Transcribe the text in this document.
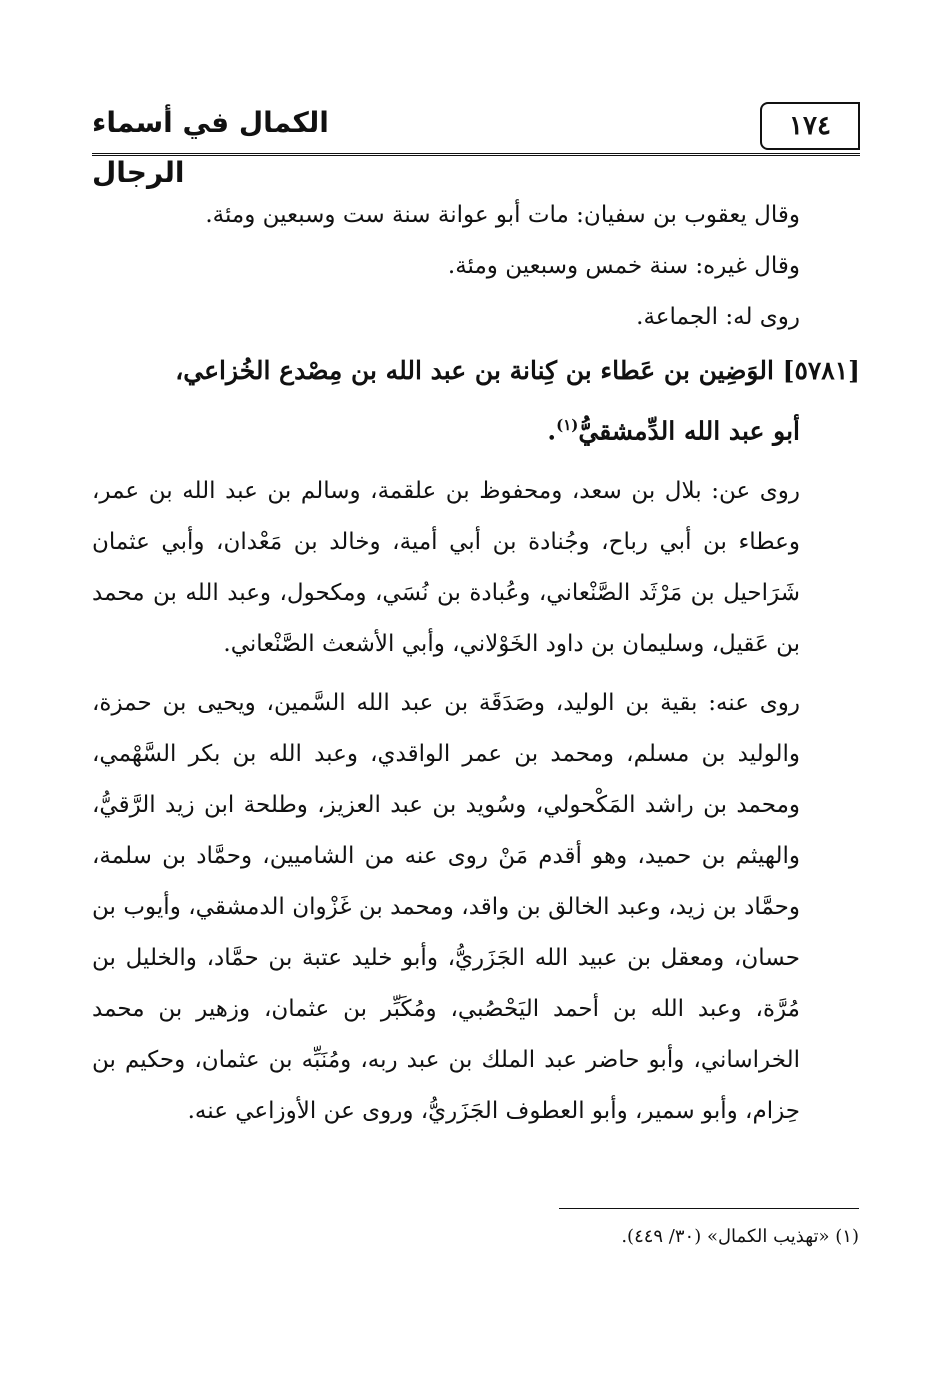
الكمال في أسماء الرجال
١٧٤

وقال يعقوب بن سفيان: مات أبو عوانة سنة ست وسبعين ومئة.

وقال غيره: سنة خمس وسبعين ومئة.

روى له: الجماعة.

[٥٧٨١] الوَضِين بن عَطاء بن كِنانة بن عبد الله بن مِصْدع الخُزاعي،
أبو عبد الله الدِّمشقيُّ$^{(١)}$.

روى عن: بلال بن سعد، ومحفوظ بن علقمة، وسالم بن عبد الله بن عمر، وعطاء بن أبي رباح، وجُنادة بن أبي أمية، وخالد بن مَعْدان، وأبي عثمان شَرَاحيل بن مَرْثَد الصَّنْعاني، وعُبادة بن نُسَي، ومكحول، وعبد الله بن محمد بن عَقيل، وسليمان بن داود الخَوْلاني، وأبي الأشعث الصَّنْعاني.

روى عنه: بقية بن الوليد، وصَدَقَة بن عبد الله السَّمين، ويحيى بن حمزة، والوليد بن مسلم، ومحمد بن عمر الواقدي، وعبد الله بن بكر السَّهْمي، ومحمد بن راشد المَكْحولي، وسُويد بن عبد العزيز، وطلحة ابن زيد الرَّقيُّ، والهيثم بن حميد، وهو أقدم مَنْ روى عنه من الشاميين، وحمَّاد بن سلمة، وحمَّاد بن زيد، وعبد الخالق بن واقد، ومحمد بن غَزْوان الدمشقي، وأيوب بن حسان، ومعقل بن عبيد الله الجَزَريُّ، وأبو خليد عتبة بن حمَّاد، والخليل بن مُرَّة، وعبد الله بن أحمد اليَحْصُبي، ومُكَبِّر بن عثمان، وزهير بن محمد الخراساني، وأبو حاضر عبد الملك بن عبد ربه، ومُنَبِّه بن عثمان، وحكيم بن حِزام، وأبو سمير، وأبو العطوف الجَزَريُّ، وروى عن الأوزاعي عنه.

(١) «تهذيب الكمال» (٣٠/ ٤٤٩).
